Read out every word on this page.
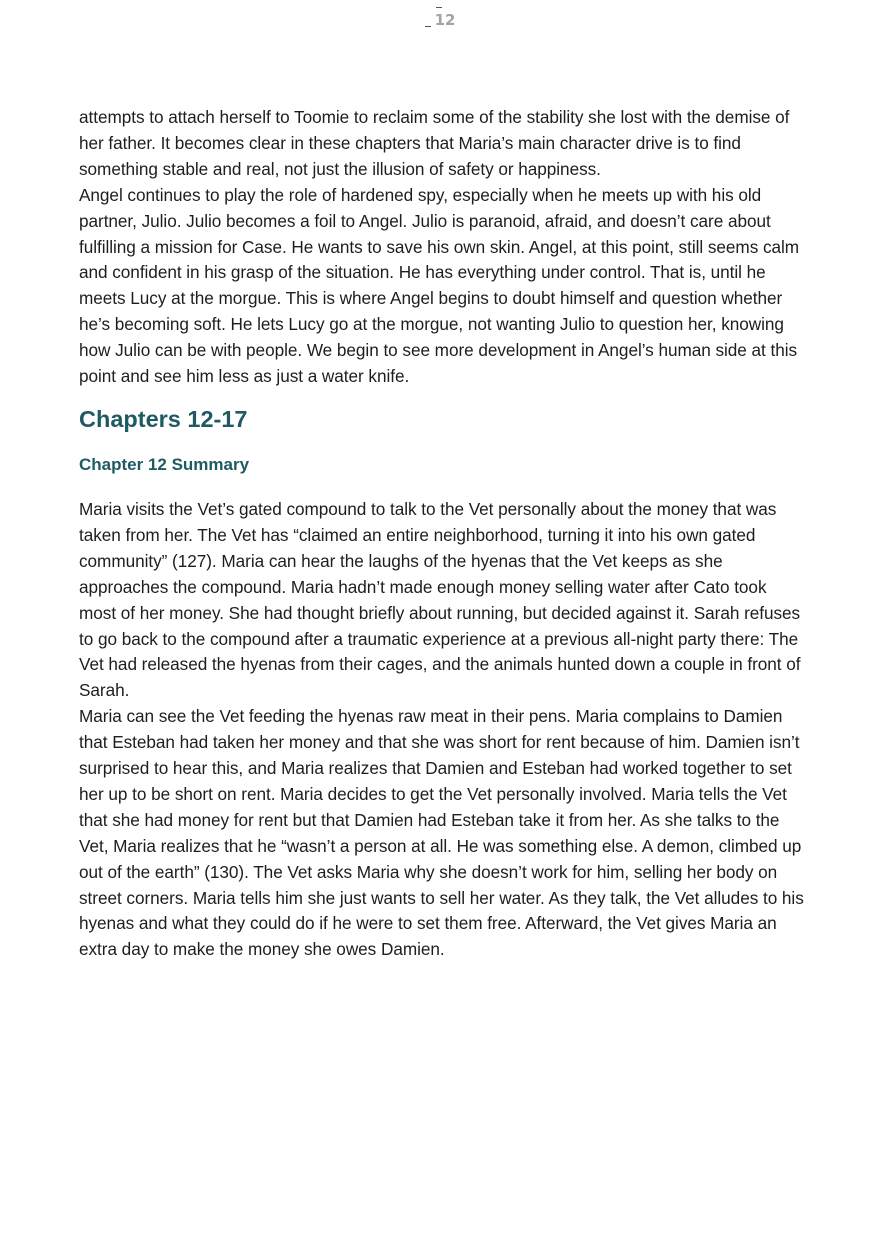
12

attempts to attach herself to Toomie to reclaim some of the stability she lost with the demise of her father. It becomes clear in these chapters that Maria’s main character drive is to find something stable and real, not just the illusion of safety or happiness.

Angel continues to play the role of hardened spy, especially when he meets up with his old partner, Julio. Julio becomes a foil to Angel. Julio is paranoid, afraid, and doesn’t care about fulfilling a mission for Case. He wants to save his own skin. Angel, at this point, still seems calm and confident in his grasp of the situation. He has everything under control. That is, until he meets Lucy at the morgue. This is where Angel begins to doubt himself and question whether he’s becoming soft. He lets Lucy go at the morgue, not wanting Julio to question her, knowing how Julio can be with people. We begin to see more development in Angel’s human side at this point and see him less as just a water knife.

Chapters 12-17
Chapter 12 Summary

Maria visits the Vet’s gated compound to talk to the Vet personally about the money that was taken from her. The Vet has “claimed an entire neighborhood, turning it into his own gated community” (127). Maria can hear the laughs of the hyenas that the Vet keeps as she approaches the compound. Maria hadn’t made enough money selling water after Cato took most of her money. She had thought briefly about running, but decided against it. Sarah refuses to go back to the compound after a traumatic experience at a previous all-night party there: The Vet had released the hyenas from their cages, and the animals hunted down a couple in front of Sarah.

Maria can see the Vet feeding the hyenas raw meat in their pens. Maria complains to Damien that Esteban had taken her money and that she was short for rent because of him. Damien isn’t surprised to hear this, and Maria realizes that Damien and Esteban had worked together to set her up to be short on rent. Maria decides to get the Vet personally involved. Maria tells the Vet that she had money for rent but that Damien had Esteban take it from her. As she talks to the Vet, Maria realizes that he “wasn’t a person at all. He was something else. A demon, climbed up out of the earth” (130). The Vet asks Maria why she doesn’t work for him, selling her body on street corners. Maria tells him she just wants to sell her water. As they talk, the Vet alludes to his hyenas and what they could do if he were to set them free. Afterward, the Vet gives Maria an extra day to make the money she owes Damien.
